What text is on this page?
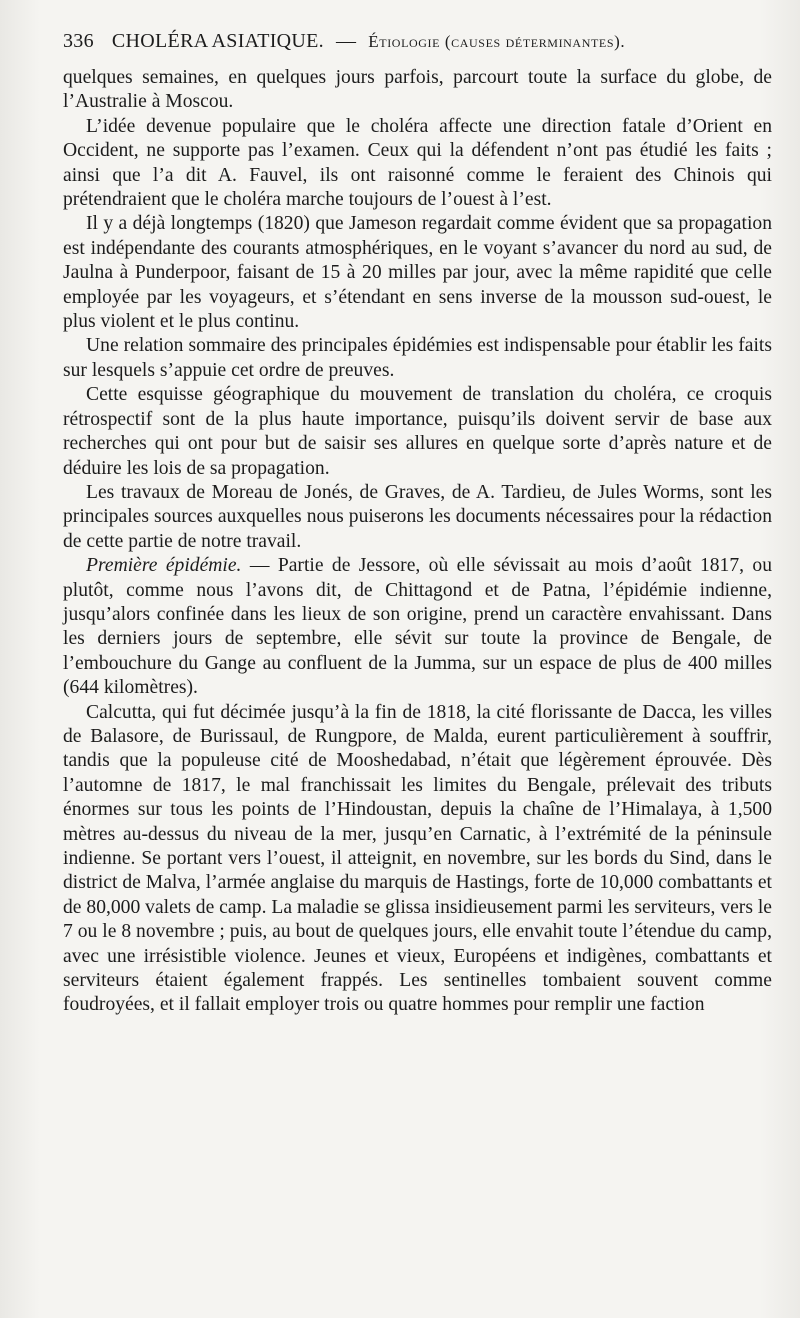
336 CHOLÉRA ASIATIQUE. — Étiologie (causes déterminantes).

quelques semaines, en quelques jours parfois, parcourt toute la surface du globe, de l’Australie à Moscou.

L’idée devenue populaire que le choléra affecte une direction fatale d’Orient en Occident, ne supporte pas l’examen. Ceux qui la défendent n’ont pas étudié les faits ; ainsi que l’a dit A. Fauvel, ils ont raisonné comme le feraient des Chinois qui prétendraient que le choléra marche toujours de l’ouest à l’est.

Il y a déjà longtemps (1820) que Jameson regardait comme évident que sa propagation est indépendante des courants atmosphériques, en le voyant s’avancer du nord au sud, de Jaulna à Punderpoor, faisant de 15 à 20 milles par jour, avec la même rapidité que celle employée par les voyageurs, et s’étendant en sens inverse de la mousson sud-ouest, le plus violent et le plus continu.

Une relation sommaire des principales épidémies est indispensable pour établir les faits sur lesquels s’appuie cet ordre de preuves.

Cette esquisse géographique du mouvement de translation du choléra, ce croquis rétrospectif sont de la plus haute importance, puisqu’ils doivent servir de base aux recherches qui ont pour but de saisir ses allures en quelque sorte d’après nature et de déduire les lois de sa propagation.

Les travaux de Moreau de Jonés, de Graves, de A. Tardieu, de Jules Worms, sont les principales sources auxquelles nous puiserons les documents nécessaires pour la rédaction de cette partie de notre travail.

Première épidémie. — Partie de Jessore, où elle sévissait au mois d’août 1817, ou plutôt, comme nous l’avons dit, de Chittagond et de Patna, l’épidémie indienne, jusqu’alors confinée dans les lieux de son origine, prend un caractère envahissant. Dans les derniers jours de septembre, elle sévit sur toute la province de Bengale, de l’embouchure du Gange au confluent de la Jumma, sur un espace de plus de 400 milles (644 kilomètres).

Calcutta, qui fut décimée jusqu’à la fin de 1818, la cité florissante de Dacca, les villes de Balasore, de Burissaul, de Rungpore, de Malda, eurent particulièrement à souffrir, tandis que la populeuse cité de Mooshedabad, n’était que légèrement éprouvée. Dès l’automne de 1817, le mal franchissait les limites du Bengale, prélevait des tributs énormes sur tous les points de l’Hindoustan, depuis la chaîne de l’Himalaya, à 1,500 mètres au-dessus du niveau de la mer, jusqu’en Carnatic, à l’extrémité de la péninsule indienne. Se portant vers l’ouest, il atteignit, en novembre, sur les bords du Sind, dans le district de Malva, l’armée anglaise du marquis de Hastings, forte de 10,000 combattants et de 80,000 valets de camp. La maladie se glissa insidieusement parmi les serviteurs, vers le 7 ou le 8 novembre ; puis, au bout de quelques jours, elle envahit toute l’étendue du camp, avec une irrésistible violence. Jeunes et vieux, Européens et indigènes, combattants et serviteurs étaient également frappés. Les sentinelles tombaient souvent comme foudroyées, et il fallait employer trois ou quatre hommes pour remplir une faction
